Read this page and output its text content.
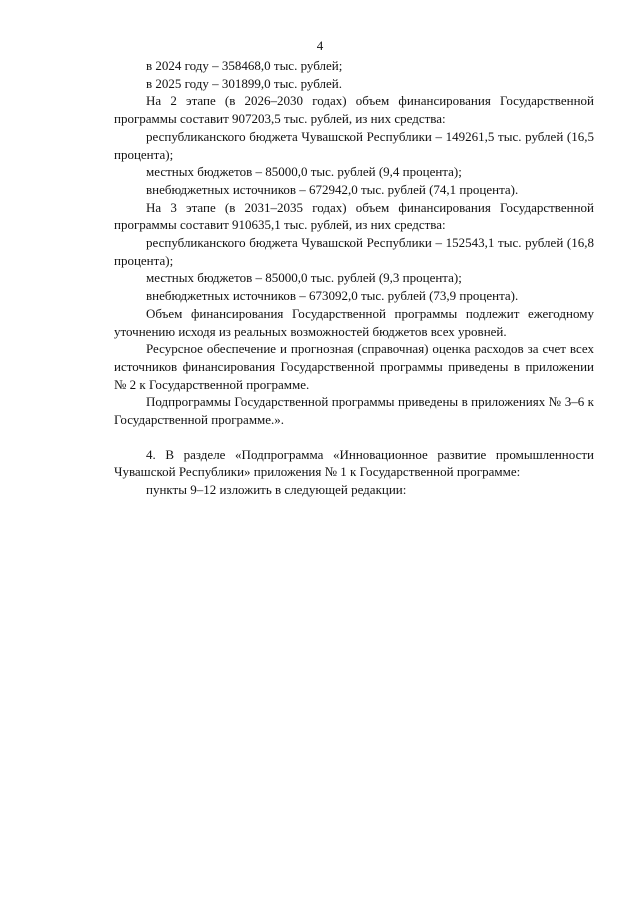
4

в 2024 году – 358468,0 тыс. рублей;

в 2025 году – 301899,0 тыс. рублей.

На 2 этапе (в 2026–2030 годах) объем финансирования Государственной программы составит 907203,5 тыс. рублей, из них средства:

республиканского бюджета Чувашской Республики – 149261,5 тыс. рублей (16,5 процента);

местных бюджетов – 85000,0 тыс. рублей (9,4 процента);

внебюджетных источников – 672942,0 тыс. рублей (74,1 процента).

На 3 этапе (в 2031–2035 годах) объем финансирования Государственной программы составит 910635,1 тыс. рублей, из них средства:

республиканского бюджета Чувашской Республики – 152543,1 тыс. рублей (16,8 процента);

местных бюджетов – 85000,0 тыс. рублей (9,3 процента);

внебюджетных источников – 673092,0 тыс. рублей (73,9 процента).

Объем финансирования Государственной программы подлежит ежегодному уточнению исходя из реальных возможностей бюджетов всех уровней.

Ресурсное обеспечение и прогнозная (справочная) оценка расходов за счет всех источников финансирования Государственной программы приведены в приложении № 2 к Государственной программе.

Подпрограммы Государственной программы приведены в приложениях № 3–6 к Государственной программе.».

4. В разделе «Подпрограмма «Инновационное развитие промышленности Чувашской Республики» приложения № 1 к Государственной программе:

пункты 9–12 изложить в следующей редакции:
